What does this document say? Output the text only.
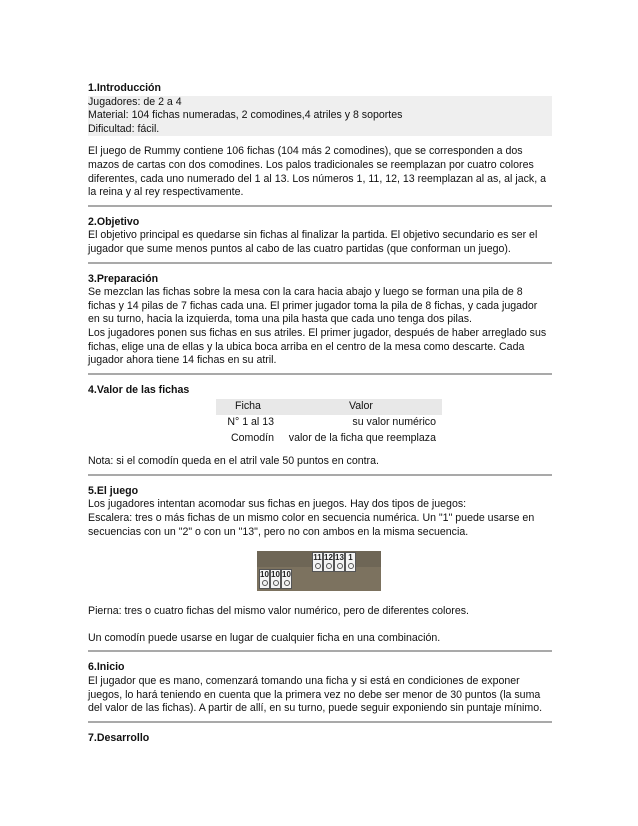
1.Introducción
Jugadores: de 2 a 4
Material: 104 fichas numeradas, 2 comodines,4 atriles y 8 soportes
Dificultad: fácil.

El juego de Rummy contiene 106 fichas (104 más 2 comodines), que se corresponden a dos mazos de cartas con dos comodines. Los palos tradicionales se reemplazan por cuatro colores diferentes, cada uno numerado del 1 al 13. Los números 1, 11, 12, 13 reemplazan al as, al jack, a la reina y al rey respectivamente.

2.Objetivo

El objetivo principal es quedarse sin fichas al finalizar la partida. El objetivo secundario es ser el jugador que sume menos puntos al cabo de las cuatro partidas (que conforman un juego).

3.Preparación

Se mezclan las fichas sobre la mesa con la cara hacia abajo y luego se forman una pila de 8 fichas y 14 pilas de 7 fichas cada una. El primer jugador toma la pila de 8 fichas, y cada jugador en su turno, hacia la izquierda, toma una pila hasta que cada uno tenga dos pilas.

Los jugadores ponen sus fichas en sus atriles. El primer jugador, después de haber arreglado sus fichas, elige una de ellas y la ubica boca arriba en el centro de la mesa como descarte. Cada jugador ahora tiene 14 fichas en su atril.

4.Valor de las fichas
Ficha	Valor
N° 1 al 13	su valor numérico
Comodín	valor de la ficha que reemplaza

Nota: si el comodín queda en el atril vale 50 puntos en contra.

5.El juego

Los jugadores intentan acomodar sus fichas en juegos. Hay dos tipos de juegos:

Escalera: tres o más fichas de un mismo color en secuencia numérica. Un "1" puede usarse en secuencias con un "2" o con un "13", pero no con ambos en la misma secuencia.

11 12 13 1
10 10 10

Pierna: tres o cuatro fichas del mismo valor numérico, pero de diferentes colores.

Un comodín puede usarse en lugar de cualquier ficha en una combinación.

6.Inicio

El jugador que es mano, comenzará tomando una ficha y si está en condiciones de exponer juegos, lo hará teniendo en cuenta que la primera vez no debe ser menor de 30 puntos (la suma del valor de las fichas). A partir de allí, en su turno, puede seguir exponiendo sin puntaje mínimo.

7.Desarrollo
